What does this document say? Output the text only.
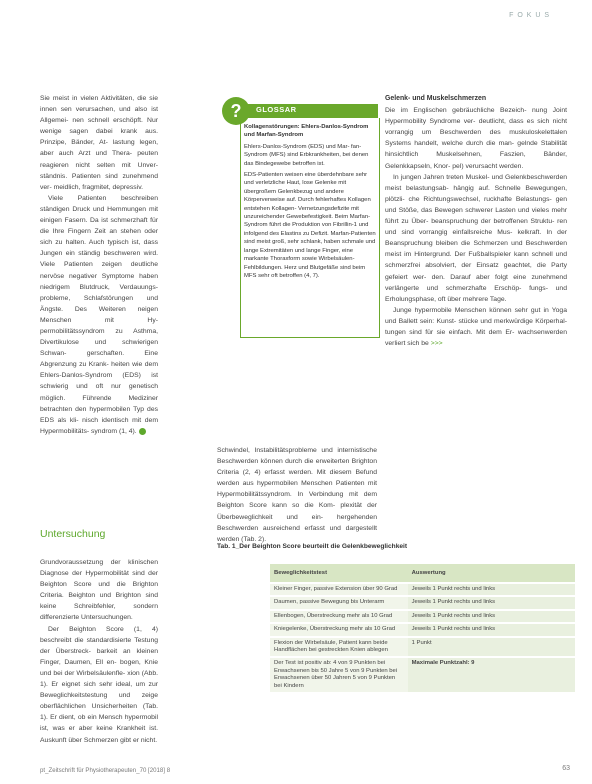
F O K U S

Sie meist in vielen Aktivitäten, die sie innen sen verursachen, und also ist Allgemei- nen schnell erschöpft. Nur wenige sagen dabei krank aus. Prinzipe, Bänder, At- lastung legen, aber auch Arzt und Thera- peuten reagieren nicht selten mit Unver- ständnis. Patienten sind zunehmend ver- meidlich, fragmitet, depressiv.

Viele Patienten beschreiben ständigen Druck und Hemmungen mit einigen Fasern. Da ist schmerzhaft für die Ihre Fingern Zeit an stehen oder sich zu halten. Auch typisch ist, dass Jungen ein ständig beschweren wird. Viele Patienten zeigen deutliche nervöse negativer Symptome haben niedrigem Blutdruck, Verdauungs- probleme, Schlafstörungen und Ängste. Des Weiteren neigen Menschen mit Hy- permobilitätssyndrom zu Asthma, Divertikulose und schwierigen Schwan- gerschaften. Eine Abgrenzung zu Krank- heiten wie dem Ehlers-Danlos-Syndrom (EDS) ist schwierig und oft nur genetisch möglich. Führende Mediziner betrachten den hypermobilen Typ des EDS als kli- nisch identisch mit dem Hypermobilitäts- syndrom (1, 4).

Untersuchung

Grundvoraussetzung der klinischen Diagnose der Hypermobilität sind der Beighton Score und die Brighton Criteria. Beighton und Brighton sind keine Schreibfehler, sondern differenzierte Untersuchungen.

Der Beighton Score (1, 4) beschreibt die standardisierte Testung der Überstreck- barkeit an kleinen Finger, Daumen, Ell en- bogen, Knie und bei der Wirbelsäulenfle- xion (Abb. 1). Er eignet sich sehr ideal, um zur Beweglichkeitstestung und zeige oberflächlichen Unsicherheiten (Tab. 1). Er dient, ob ein Mensch hypermobil ist, was er aber keine Krankheit ist. Auskunft über Schmerzen gibt er nicht.

?	GLOSSAR

Kollagenstörungen: Ehlers-Danlos-Syndrom und Marfan-Syndrom

Ehlers-Danlos-Syndrom (EDS) und Mar- fan-Syndrom (MFS) sind Erbkrankheiten, bei denen das Bindegewebe betroffen ist.

EDS-Patienten weisen eine überdehnbare sehr und verletzliche Haut, lose Gelenke mit übergroßem Gelenkbezug und andere Körperverweise auf. Durch fehlerhaftes Kollagen entstehen Kollagen- Vernetzungsdefizite mit unzureichender Gewebefestigkeit. Beim Marfan-Syndrom führt die Produktion von Fibrillin-1 und infolgend des Elastins zu Defizit. Marfan-Patienten sind meist groß, sehr schlank, haben schmale und lange Extremitäten und lange Finger, eine markante Thoraxform sowie Wirbelsäulen-Fehlbildungen. Herz und Blutgefäße sind beim MFS sehr oft betroffen (4, 7).

Schwindel, Instabilitätsprobleme und internistische Beschwerden können durch die erweiterten Brighton Criteria (2, 4) erfasst werden. Mit diesem Befund werden aus hypermobilen Menschen Patienten mit Hypermobilitätssyndrom. In Verbindung mit dem Beighton Score kann so die Kom- plexität der Überbeweglichkeit und ein- hergehenden Beschwerden ausreichend erfasst und dargestellt werden (Tab. 2).

Gelenk- und Muskelschmerzen

Die im Englischen gebräuchliche Bezeich- nung Joint Hypermobility Syndrome ver- deutlicht, dass es sich nicht vorrangig um Beschwerden des muskuloskelettalen Systems handelt, welche durch die man- gelnde Stabilität hinsichtlich Muskelsehnen, Faszien, Bänder, Gelenkkapseln, Knor- pel) verursacht werden.

In jungen Jahren treten Muskel- und Gelenkbeschwerden meist belastungsab- hängig auf. Schnelle Bewegungen, plötzli- che Richtungswechsel, ruckhafte Belastungs- gen und Stöße, das Bewegen schwerer Lasten und vieles mehr führt zu Über- beanspruchung der betroffenen Struktu- ren und sind vorrangig einfallsreiche Mus- kelkraft. In der Beanspruchung bleiben die Schmerzen und Beschwerden meist im Hintergrund. Der Fußballspieler kann schnell und schmerzfrei absolviert, der Einsatz geachtet, die Party gefeiert wer- den. Darauf aber folgt eine zunehmend verlängerte und schmerzhafte Erschöp- fungs- und Erholungsphase, oft über mehrere Tage.

Junge hypermobile Menschen können sehr gut in Yoga und Ballett sein: Kunst- stücke und merkwürdige Körperhal- tungen sind für sie einfach. Mit dem Er- wachsenwerden verliert sich be >>>

Tab. 1_Der Beighton Score beurteilt die Gelenkbeweglichkeit
Beweglichkeitstest	Auswertung
Kleiner Finger, passive Extension über 90 Grad	Jeweils 1 Punkt rechts und links
Daumen, passive Bewegung bis Unterarm	Jeweils 1 Punkt rechts und links
Ellenbogen, Überstreckung mehr als 10 Grad	Jeweils 1 Punkt rechts und links
Kniegelenke, Überstreckung mehr als 10 Grad	Jeweils 1 Punkt rechts und links
Flexion der Wirbelsäule, Patient kann beide Handflächen bei gestreckten Knien ablegen	1 Punkt
Der Test ist positiv ab: 4 von 9 Punkten bei Erwachsenen bis 50 Jahre 5 von 9 Punkten bei Erwachsenen über 50 Jahren 5 von 9 Punkten bei Kindern	Maximale Punktzahl: 9
pt_Zeitschrift für Physiotherapeuten_70 [2018] 8	63
